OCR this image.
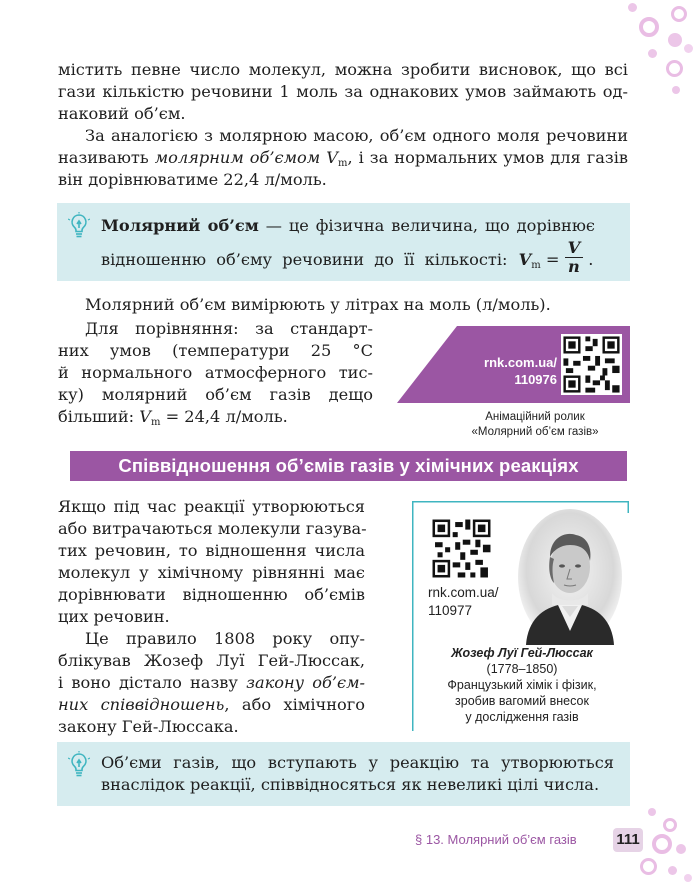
містить певне число молекул, можна зробити висновок, що всі
гази кількістю речовини 1 моль за однакових умов займають од-
наковий об’єм.
За аналогією з молярною масою, об’єм одного моля речовини
називають молярним об’ємом $V_m$, і за нормальних умов для газів
він дорівнюватиме 22,4 л/моль.
Молярний об’єм — це фізична величина, що дорівнює
відношенню об’єму речовини до її кількості: $V_m$ =
V
n .
Молярний об’єм вимірюють у літрах на моль (л/моль).
Для порівняння: за стандарт-
них умов (температури 25 °С
й нормального атмосферного тис-
ку) молярний об’єм газів дещо
більший: $V_m = 24,4$ л/моль.
rnk.com.ua/
110976
Анімаційний ролик
«Молярний об’єм газів»
Співвідношення об’ємів газів у хімічних реакціях
Якщо під час реакції утворюються
або витрачаються молекули газува-
тих речовин, то відношення числа
молекул у хімічному рівнянні має
дорівнювати відношенню об’ємів
цих речовин.
Це правило 1808 року опу-
блікував Жозеф Луї Гей-Люссак,
і воно дістало назву закону об’єм-
них співвідношень, або хімічного
закону Гей-Люссака.
rnk.com.ua/
110977
Жозеф Луї Гей-Люссак
(1778–1850)
Французький хімік і фізик,
зробив вагомий внесок
у дослідження газів
Об’єми газів, що вступають у реакцію та утворюються
внаслідок реакції, співвідносяться як невеликі цілі числа.
§ 13. Молярний об’єм газів	111
